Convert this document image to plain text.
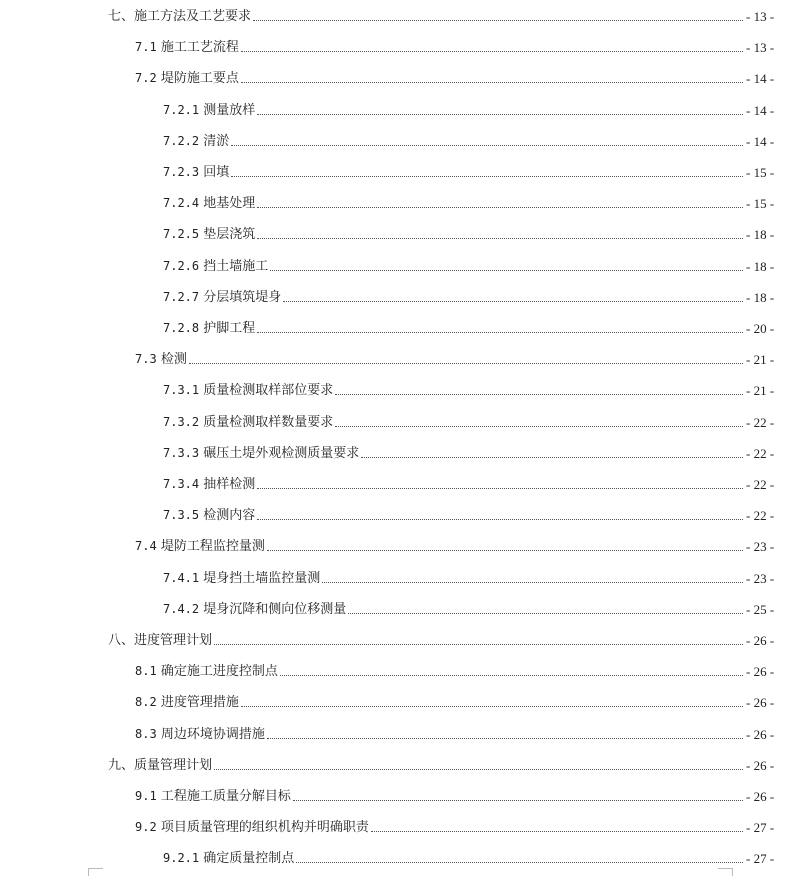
七、施工方法及工艺要求	- 13 -
7.1 施工工艺流程	- 13 -
7.2 堤防施工要点	- 14 -
7.2.1 测量放样	- 14 -
7.2.2 清淤	- 14 -
7.2.3 回填	- 15 -
7.2.4 地基处理	- 15 -
7.2.5 垫层浇筑	- 18 -
7.2.6 挡土墙施工	- 18 -
7.2.7 分层填筑堤身	- 18 -
7.2.8 护脚工程	- 20 -
7.3 检测	- 21 -
7.3.1 质量检测取样部位要求	- 21 -
7.3.2 质量检测取样数量要求	- 22 -
7.3.3 碾压土堤外观检测质量要求	- 22 -
7.3.4 抽样检测	- 22 -
7.3.5 检测内容	- 22 -
7.4 堤防工程监控量测	- 23 -
7.4.1 堤身挡土墙监控量测	- 23 -
7.4.2 堤身沉降和侧向位移测量	- 25 -
八、进度管理计划	- 26 -
8.1 确定施工进度控制点	- 26 -
8.2 进度管理措施	- 26 -
8.3 周边环境协调措施	- 26 -
九、质量管理计划	- 26 -
9.1 工程施工质量分解目标	- 26 -
9.2 项目质量管理的组织机构并明确职责	- 27 -
9.2.1 确定质量控制点	- 27 -
